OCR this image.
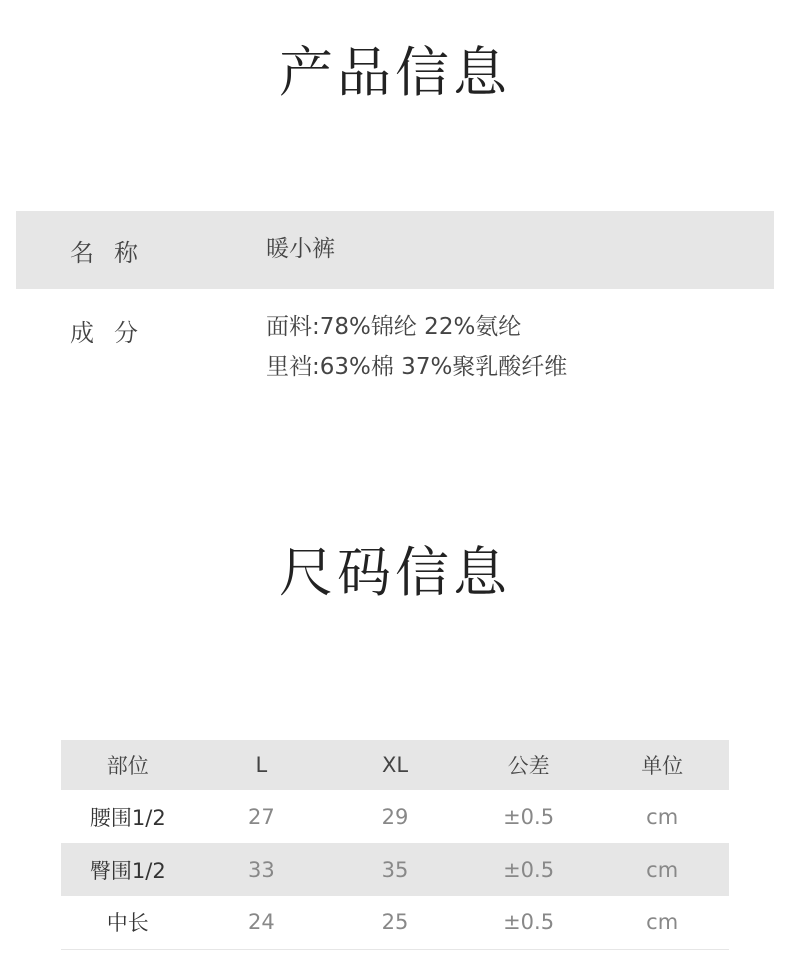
产品信息
名称	暖小裤
成分	面料:78%锦纶 22%氨纶
里裆:63%棉 37%聚乳酸纤维
尺码信息
部位	L	XL	公差	单位
腰围1/2	27	29	±0.5	cm
臀围1/2	33	35	±0.5	cm
中长	24	25	±0.5	cm
